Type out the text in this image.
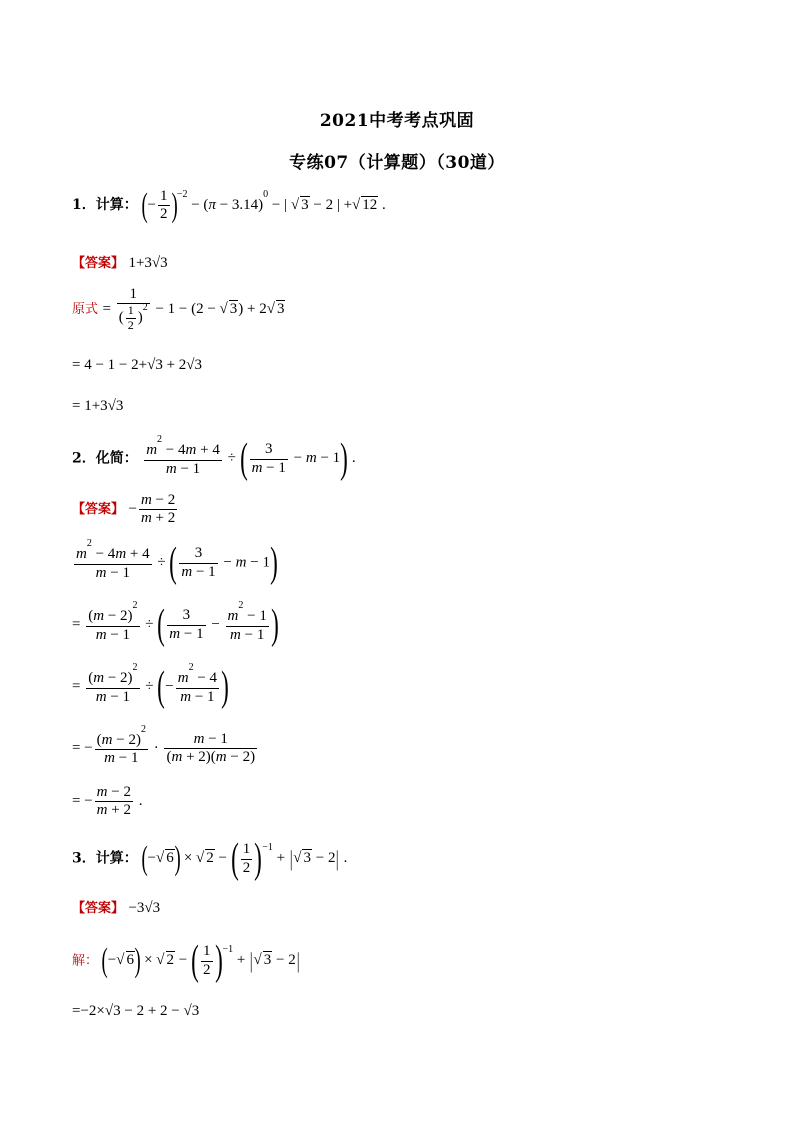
2021中考考点巩固
专练07（计算题）（30道）
1．计算： (− $\frac{1}{2} )^{-2} - (\pi - 3.14)^0$ − | √ 3 − 2 | +√ 12 .
【答案】 1+3√3
原式 = $\frac{1}{( \frac{1}{2} )^2} - 1 - (2$ − √ 3) + 2√ 3
= 4 − 1 − 2+√3 + 2√3
= 1+3√3
2．化简： $\frac{m^2 - 4m + 4}{m - 1}$ ÷ ( $\frac{3}{m - 1} - m - 1$) .
【答案】 − $\frac{m - 2}{m + 2}$
$\frac{m^2 - 4m + 4}{m - 1}$ ÷ ( $\frac{3}{m - 1} - m - 1$)
= $\frac{(m - 2)^2}{m - 1}$ ÷ ( $\frac{3}{m - 1} - \frac{m^2 - 1}{m - 1}$ )
= $\frac{(m - 2)^2}{m - 1}$ ÷ (− $\frac{m^2 - 4}{m - 1}$ )
= − $\frac{(m - 2)^2}{m - 1} \cdot \frac{m - 1}{(m + 2)(m - 2)}$
= − $\frac{m - 2}{m + 2}$ .
3．计算： (−√ 6) × √ 2 − ( $\frac{1}{2} )^{-1}$ + |√ 3 − 2| .
【答案】 −3√3
解： (−√ 6) × √ 2 − ( $\frac{1}{2} )^{-1}$ + |√ 3 − 2|
=−2×√3 − 2 + 2 − √3
